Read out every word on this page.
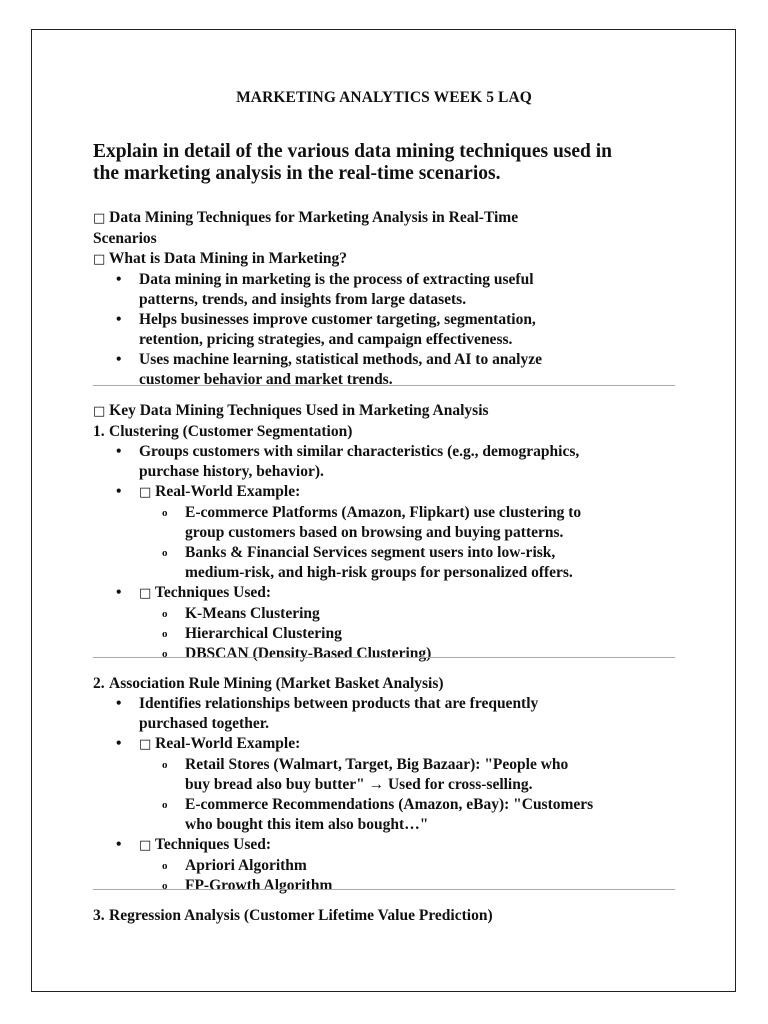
MARKETING ANALYTICS WEEK 5 LAQ
Explain in detail of the various data mining techniques used in
the marketing analysis in the real-time scenarios.
□ Data Mining Techniques for Marketing Analysis in Real-Time
Scenarios
□ What is Data Mining in Marketing?
• Data mining in marketing is the process of extracting useful
patterns, trends, and insights from large datasets.
• Helps businesses improve customer targeting, segmentation,
retention, pricing strategies, and campaign effectiveness.
• Uses machine learning, statistical methods, and AI to analyze
customer behavior and market trends.
□ Key Data Mining Techniques Used in Marketing Analysis
1. Clustering (Customer Segmentation)
• Groups customers with similar characteristics (e.g., demographics,
purchase history, behavior).
• □ Real-World Example:
o E-commerce Platforms (Amazon, Flipkart) use clustering to
group customers based on browsing and buying patterns.
o Banks & Financial Services segment users into low-risk,
medium-risk, and high-risk groups for personalized offers.
• □ Techniques Used:
o K-Means Clustering
o Hierarchical Clustering
o DBSCAN (Density-Based Clustering)
2. Association Rule Mining (Market Basket Analysis)
• Identifies relationships between products that are frequently
purchased together.
• □ Real-World Example:
o Retail Stores (Walmart, Target, Big Bazaar): "People who
buy bread also buy butter" → Used for cross-selling.
o E-commerce Recommendations (Amazon, eBay): "Customers
who bought this item also bought…"
• □ Techniques Used:
o Apriori Algorithm
o FP-Growth Algorithm
3. Regression Analysis (Customer Lifetime Value Prediction)
